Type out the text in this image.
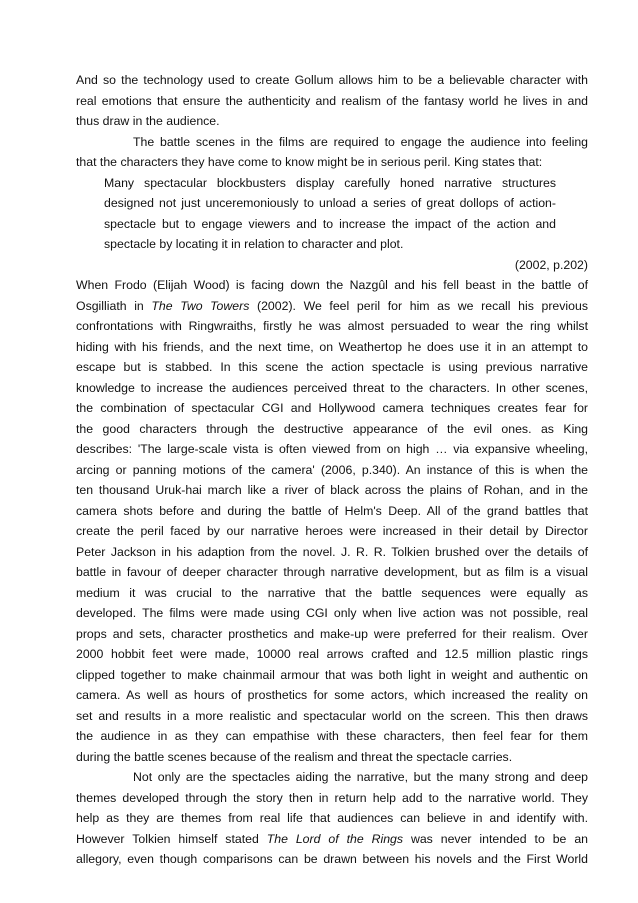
And so the technology used to create Gollum allows him to be a believable character with
real emotions that ensure the authenticity and realism of the fantasy world he lives in and
thus draw in the audience.
The battle scenes in the films are required to engage the audience into feeling
that the characters they have come to know might be in serious peril. King states that:
Many spectacular blockbusters display carefully honed narrative structures
designed not just unceremoniously to unload a series of great dollops of action-
spectacle but to engage viewers and to increase the impact of the action and
spectacle by locating it in relation to character and plot.
(2002, p.202)
When Frodo (Elijah Wood) is facing down the Nazgûl and his fell beast in the battle of
Osgilliath in The Two Towers (2002). We feel peril for him as we recall his previous
confrontations with Ringwraiths, firstly he was almost persuaded to wear the ring whilst
hiding with his friends, and the next time, on Weathertop he does use it in an attempt to
escape but is stabbed. In this scene the action spectacle is using previous narrative
knowledge to increase the audiences perceived threat to the characters. In other scenes,
the combination of spectacular CGI and Hollywood camera techniques creates fear for
the good characters through the destructive appearance of the evil ones. as King
describes: 'The large-scale vista is often viewed from on high … via expansive wheeling,
arcing or panning motions of the camera' (2006, p.340). An instance of this is when the
ten thousand Uruk-hai march like a river of black across the plains of Rohan, and in the
camera shots before and during the battle of Helm's Deep. All of the grand battles that
create the peril faced by our narrative heroes were increased in their detail by Director
Peter Jackson in his adaption from the novel. J. R. R. Tolkien brushed over the details of
battle in favour of deeper character through narrative development, but as film is a visual
medium it was crucial to the narrative that the battle sequences were equally as
developed. The films were made using CGI only when live action was not possible, real
props and sets, character prosthetics and make-up were preferred for their realism. Over
2000 hobbit feet were made, 10000 real arrows crafted and 12.5 million plastic rings
clipped together to make chainmail armour that was both light in weight and authentic on
camera. As well as hours of prosthetics for some actors, which increased the reality on
set and results in a more realistic and spectacular world on the screen. This then draws
the audience in as they can empathise with these characters, then feel fear for them
during the battle scenes because of the realism and threat the spectacle carries.
Not only are the spectacles aiding the narrative, but the many strong and deep
themes developed through the story then in return help add to the narrative world. They
help as they are themes from real life that audiences can believe in and identify with.
However Tolkien himself stated The Lord of the Rings was never intended to be an
allegory, even though comparisons can be drawn between his novels and the First World
